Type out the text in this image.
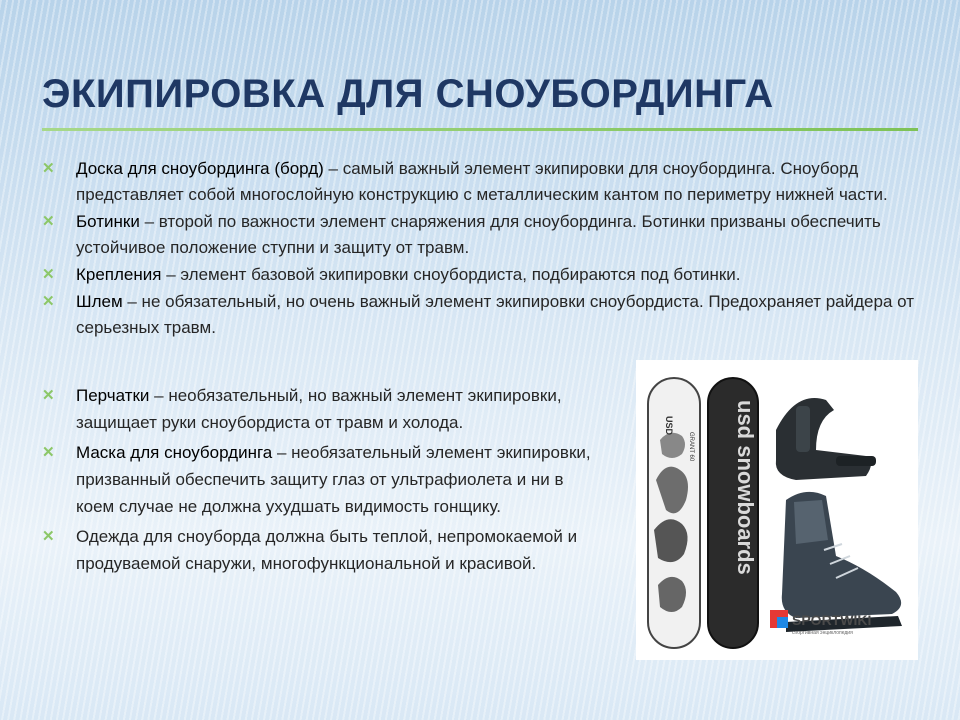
ЭКИПИРОВКА ДЛЯ СНОУБОРДИНГА
✕ Доска для сноубординга (борд) – самый важный элемент экипировки для сноубординга. Сноуборд представляет собой многослойную конструкцию с металлическим кантом по периметру нижней части.
✕ Ботинки – второй по важности элемент снаряжения для сноубординга. Ботинки призваны обеспечить устойчивое положение ступни и защиту от травм.
✕ Крепления – элемент базовой экипировки сноубордиста, подбираются под ботинки.
✕ Шлем – не обязательный, но очень важный элемент экипировки сноубордиста. Предохраняет райдера от серьезных травм.
✕ Перчатки – необязательный, но важный элемент экипировки, защищает руки сноубордиста от травм и холода.
✕ Маска для сноубординга – необязательный элемент экипировки, призванный обеспечить защиту глаз от ультрафиолета и ни в коем случае не должна ухудшать видимость гонщику.
✕ Одежда для сноуборда должна быть теплой, непромокаемой и продуваемой снаружи, многофункциональной и красивой.
USD
GRANT 60 usd snowboards
SPORTWIKI
спортивная энциклопедия
